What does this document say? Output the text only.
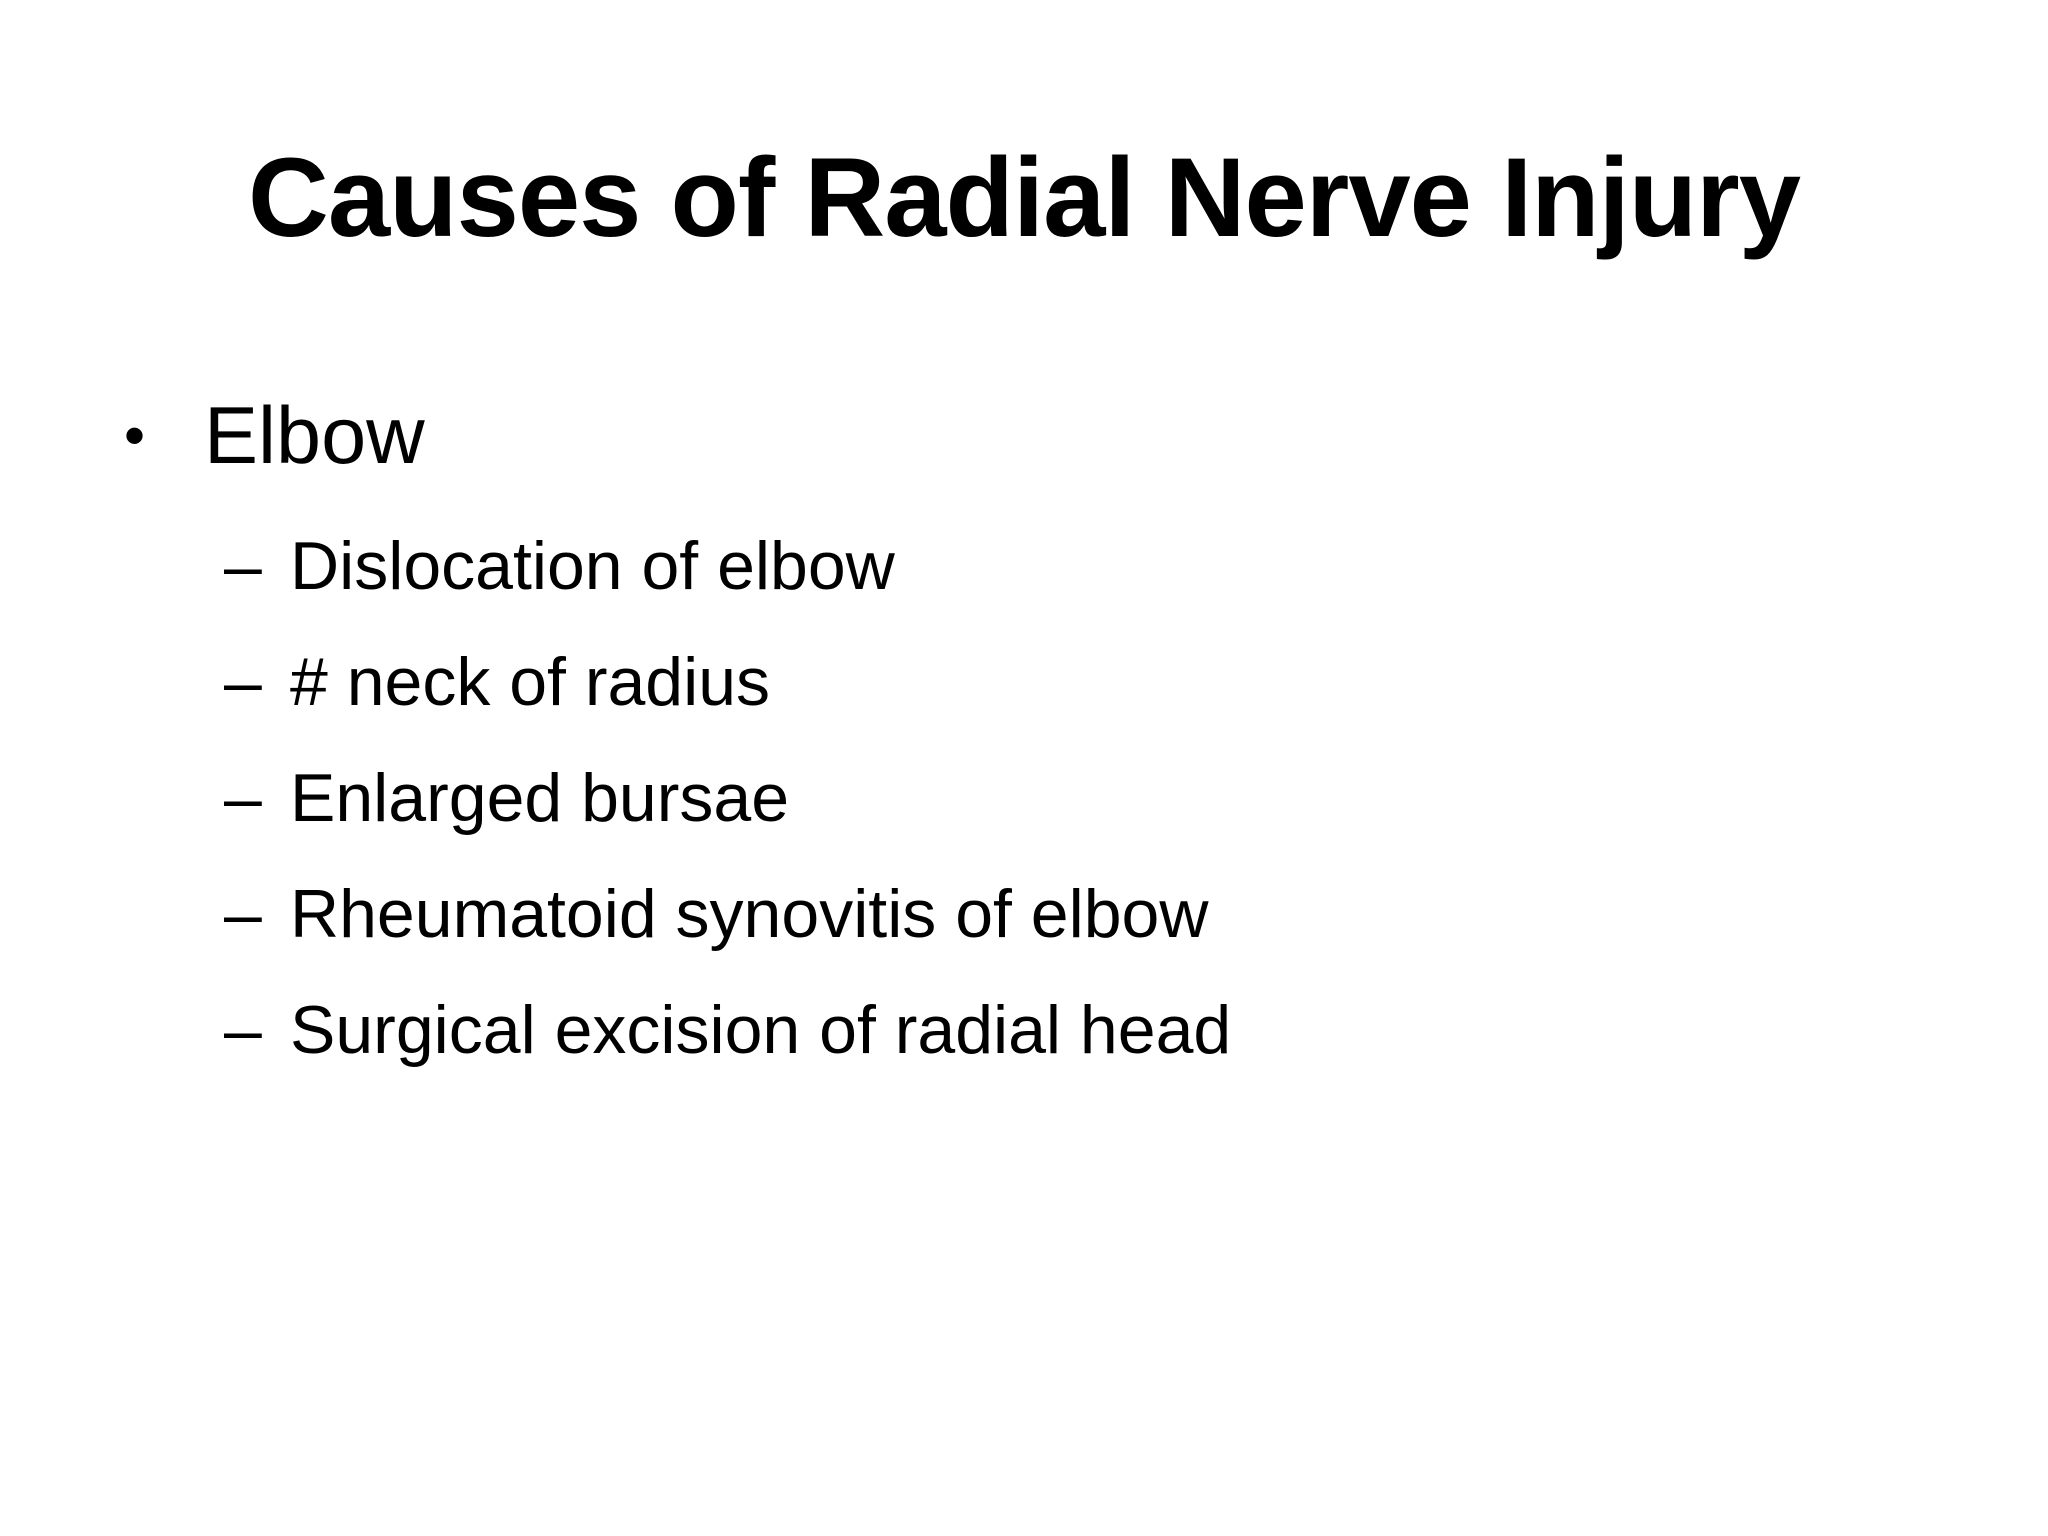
Causes of Radial Nerve Injury
• Elbow
– Dislocation of elbow
– # neck of radius
– Enlarged bursae
– Rheumatoid synovitis of elbow
– Surgical excision of radial head
